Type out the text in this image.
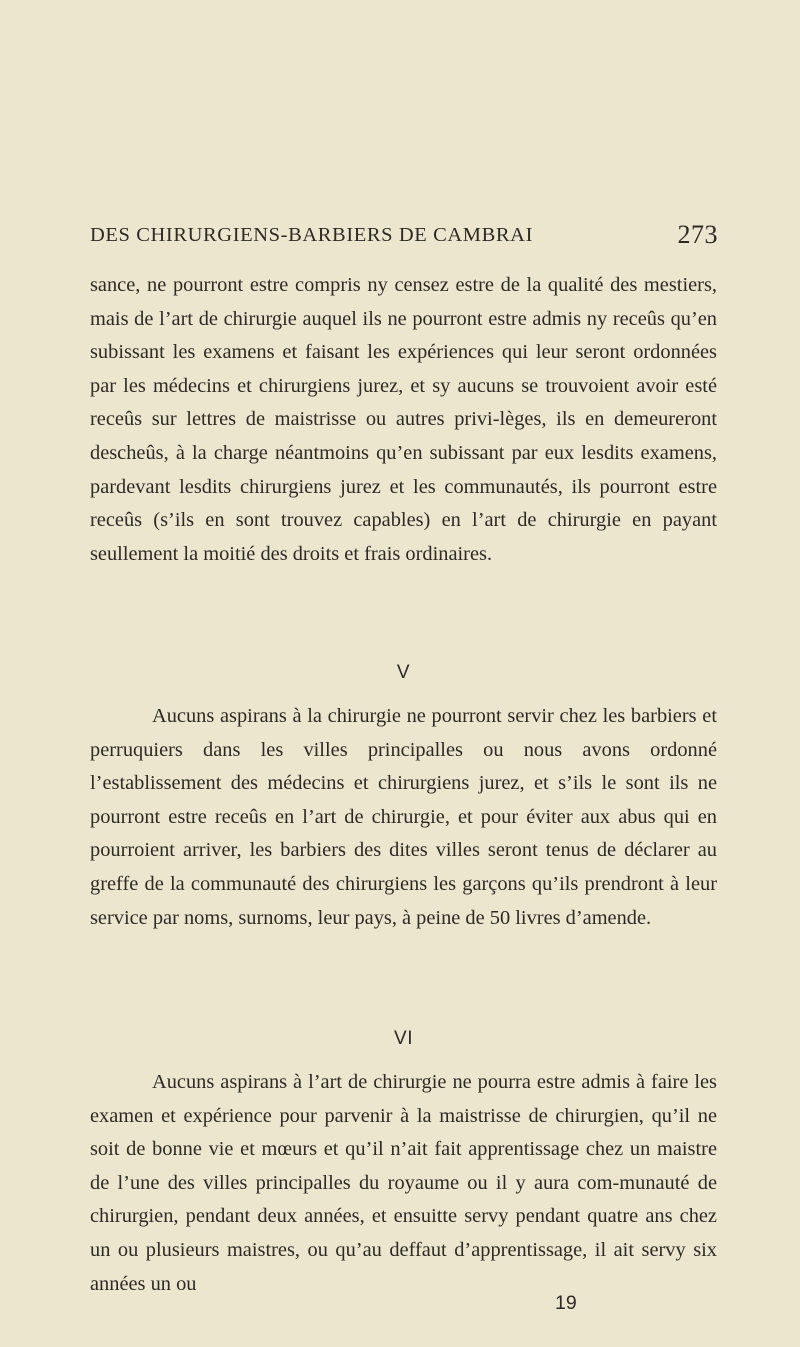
DES CHIRURGIENS-BARBIERS DE CAMBRAI	273

sance, ne pourront estre compris ny censez estre de la qualité des mestiers, mais de l’art de chirurgie auquel ils ne pourront estre admis ny receûs qu’en subissant les examens et faisant les expériences qui leur seront ordonnées par les médecins et chirurgiens jurez, et sy aucuns se trouvoient avoir esté receûs sur lettres de maistrisse ou autres privi-lèges, ils en demeureront descheûs, à la charge néantmoins qu’en subissant par eux lesdits examens, pardevant lesdits chirurgiens jurez et les communautés, ils pourront estre receûs (s’ils en sont trouvez capables) en l’art de chirurgie en payant seullement la moitié des droits et frais ordinaires.

V

Aucuns aspirans à la chirurgie ne pourront servir chez les barbiers et perruquiers dans les villes principalles ou nous avons ordonné l’establissement des médecins et chirurgiens jurez, et s’ils le sont ils ne pourront estre receûs en l’art de chirurgie, et pour éviter aux abus qui en pourroient arriver, les barbiers des dites villes seront tenus de déclarer au greffe de la communauté des chirurgiens les garçons qu’ils prendront à leur service par noms, surnoms, leur pays, à peine de 50 livres d’amende.

VI

Aucuns aspirans à l’art de chirurgie ne pourra estre admis à faire les examen et expérience pour parvenir à la maistrisse de chirurgien, qu’il ne soit de bonne vie et mœurs et qu’il n’ait fait apprentissage chez un maistre de l’une des villes principalles du royaume ou il y aura com-munauté de chirurgien, pendant deux années, et ensuitte servy pendant quatre ans chez un ou plusieurs maistres, ou qu’au deffaut d’apprentissage, il ait servy six années un ou

19
